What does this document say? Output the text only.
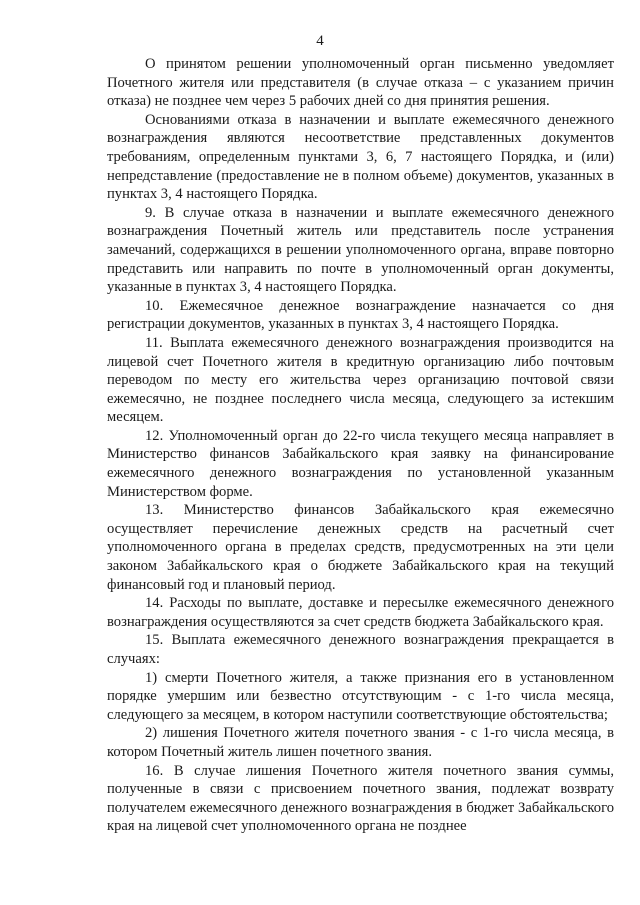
4

О принятом решении уполномоченный орган письменно уведомляет Почетного жителя или представителя (в случае отказа – с указанием причин отказа) не позднее чем через 5 рабочих дней со дня принятия решения.

Основаниями отказа в назначении и выплате ежемесячного денежного вознаграждения являются несоответствие представленных документов требованиям, определенным пунктами 3, 6, 7 настоящего Порядка, и (или) непредставление (предоставление не в полном объеме) документов, указанных в пунктах 3, 4 настоящего Порядка.

9. В случае отказа в назначении и выплате ежемесячного денежного вознаграждения Почетный житель или представитель после устранения замечаний, содержащихся в решении уполномоченного органа, вправе повторно представить или направить по почте в уполномоченный орган документы, указанные в пунктах 3, 4 настоящего Порядка.

10. Ежемесячное денежное вознаграждение назначается со дня регистрации документов, указанных в пунктах 3, 4 настоящего Порядка.

11. Выплата ежемесячного денежного вознаграждения производится на лицевой счет Почетного жителя в кредитную организацию либо почтовым переводом по месту его жительства через организацию почтовой связи ежемесячно, не позднее последнего числа месяца, следующего за истекшим месяцем.

12. Уполномоченный орган до 22-го числа текущего месяца направляет в Министерство финансов Забайкальского края заявку на финансирование ежемесячного денежного вознаграждения по установленной указанным Министерством форме.

13. Министерство финансов Забайкальского края ежемесячно осуществляет перечисление денежных средств на расчетный счет уполномоченного органа в пределах средств, предусмотренных на эти цели законом Забайкальского края о бюджете Забайкальского края на текущий финансовый год и плановый период.

14. Расходы по выплате, доставке и пересылке ежемесячного денежного вознаграждения осуществляются за счет средств бюджета Забайкальского края.

15. Выплата ежемесячного денежного вознаграждения прекращается в случаях:

1) смерти Почетного жителя, а также признания его в установленном порядке умершим или безвестно отсутствующим - с 1-го числа месяца, следующего за месяцем, в котором наступили соответствующие обстоятельства;

2) лишения Почетного жителя почетного звания - с 1-го числа месяца, в котором Почетный житель лишен почетного звания.

16. В случае лишения Почетного жителя почетного звания суммы, полученные в связи с присвоением почетного звания, подлежат возврату получателем ежемесячного денежного вознаграждения в бюджет Забайкальского края на лицевой счет уполномоченного органа не позднее
